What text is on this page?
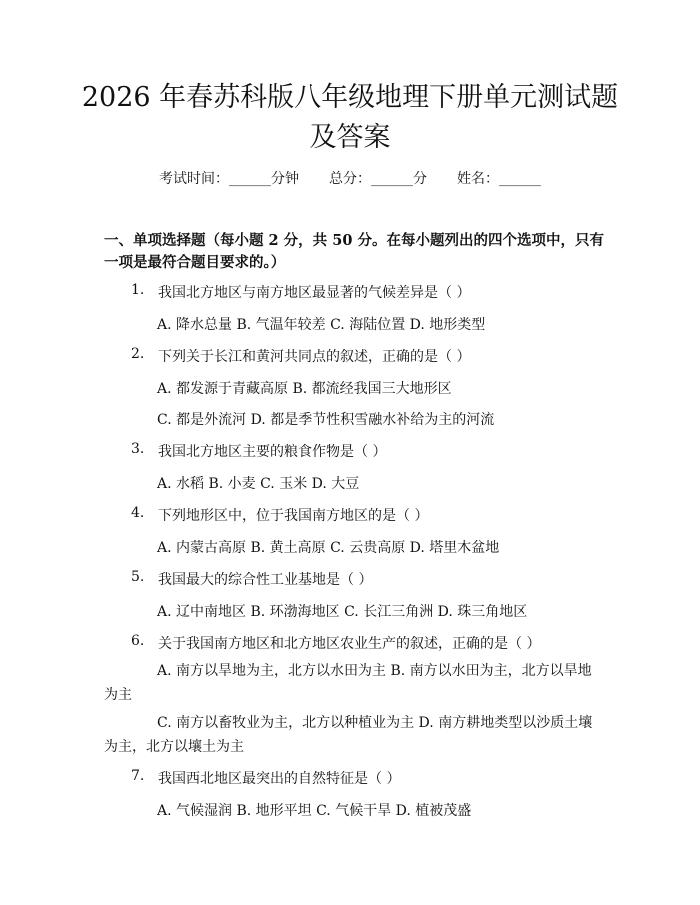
2026 年春苏科版八年级地理下册单元测试题
及答案
考试时间：______分钟 总分：______分 姓名：______
一、单项选择题（每小题 2 分，共 50 分。在每小题列出的四个选项中，只有一项是最符合题目要求的。）
1. 我国北方地区与南方地区最显著的气候差异是（ ）
A. 降水总量 B. 气温年较差 C. 海陆位置 D. 地形类型
2. 下列关于长江和黄河共同点的叙述，正确的是（ ）
A. 都发源于青藏高原 B. 都流经我国三大地形区
C. 都是外流河 D. 都是季节性积雪融水补给为主的河流
3. 我国北方地区主要的粮食作物是（ ）
A. 水稻 B. 小麦 C. 玉米 D. 大豆
4. 下列地形区中，位于我国南方地区的是（ ）
A. 内蒙古高原 B. 黄土高原 C. 云贵高原 D. 塔里木盆地
5. 我国最大的综合性工业基地是（ ）
A. 辽中南地区 B. 环渤海地区 C. 长江三角洲 D. 珠三角地区
6. 关于我国南方地区和北方地区农业生产的叙述，正确的是（ ）
A. 南方以旱地为主，北方以水田为主 B. 南方以水田为主，北方以旱地为主
C. 南方以畜牧业为主，北方以种植业为主 D. 南方耕地类型以沙质土壤为主，北方以壤土为主
7. 我国西北地区最突出的自然特征是（ ）
A. 气候湿润 B. 地形平坦 C. 气候干旱 D. 植被茂盛
